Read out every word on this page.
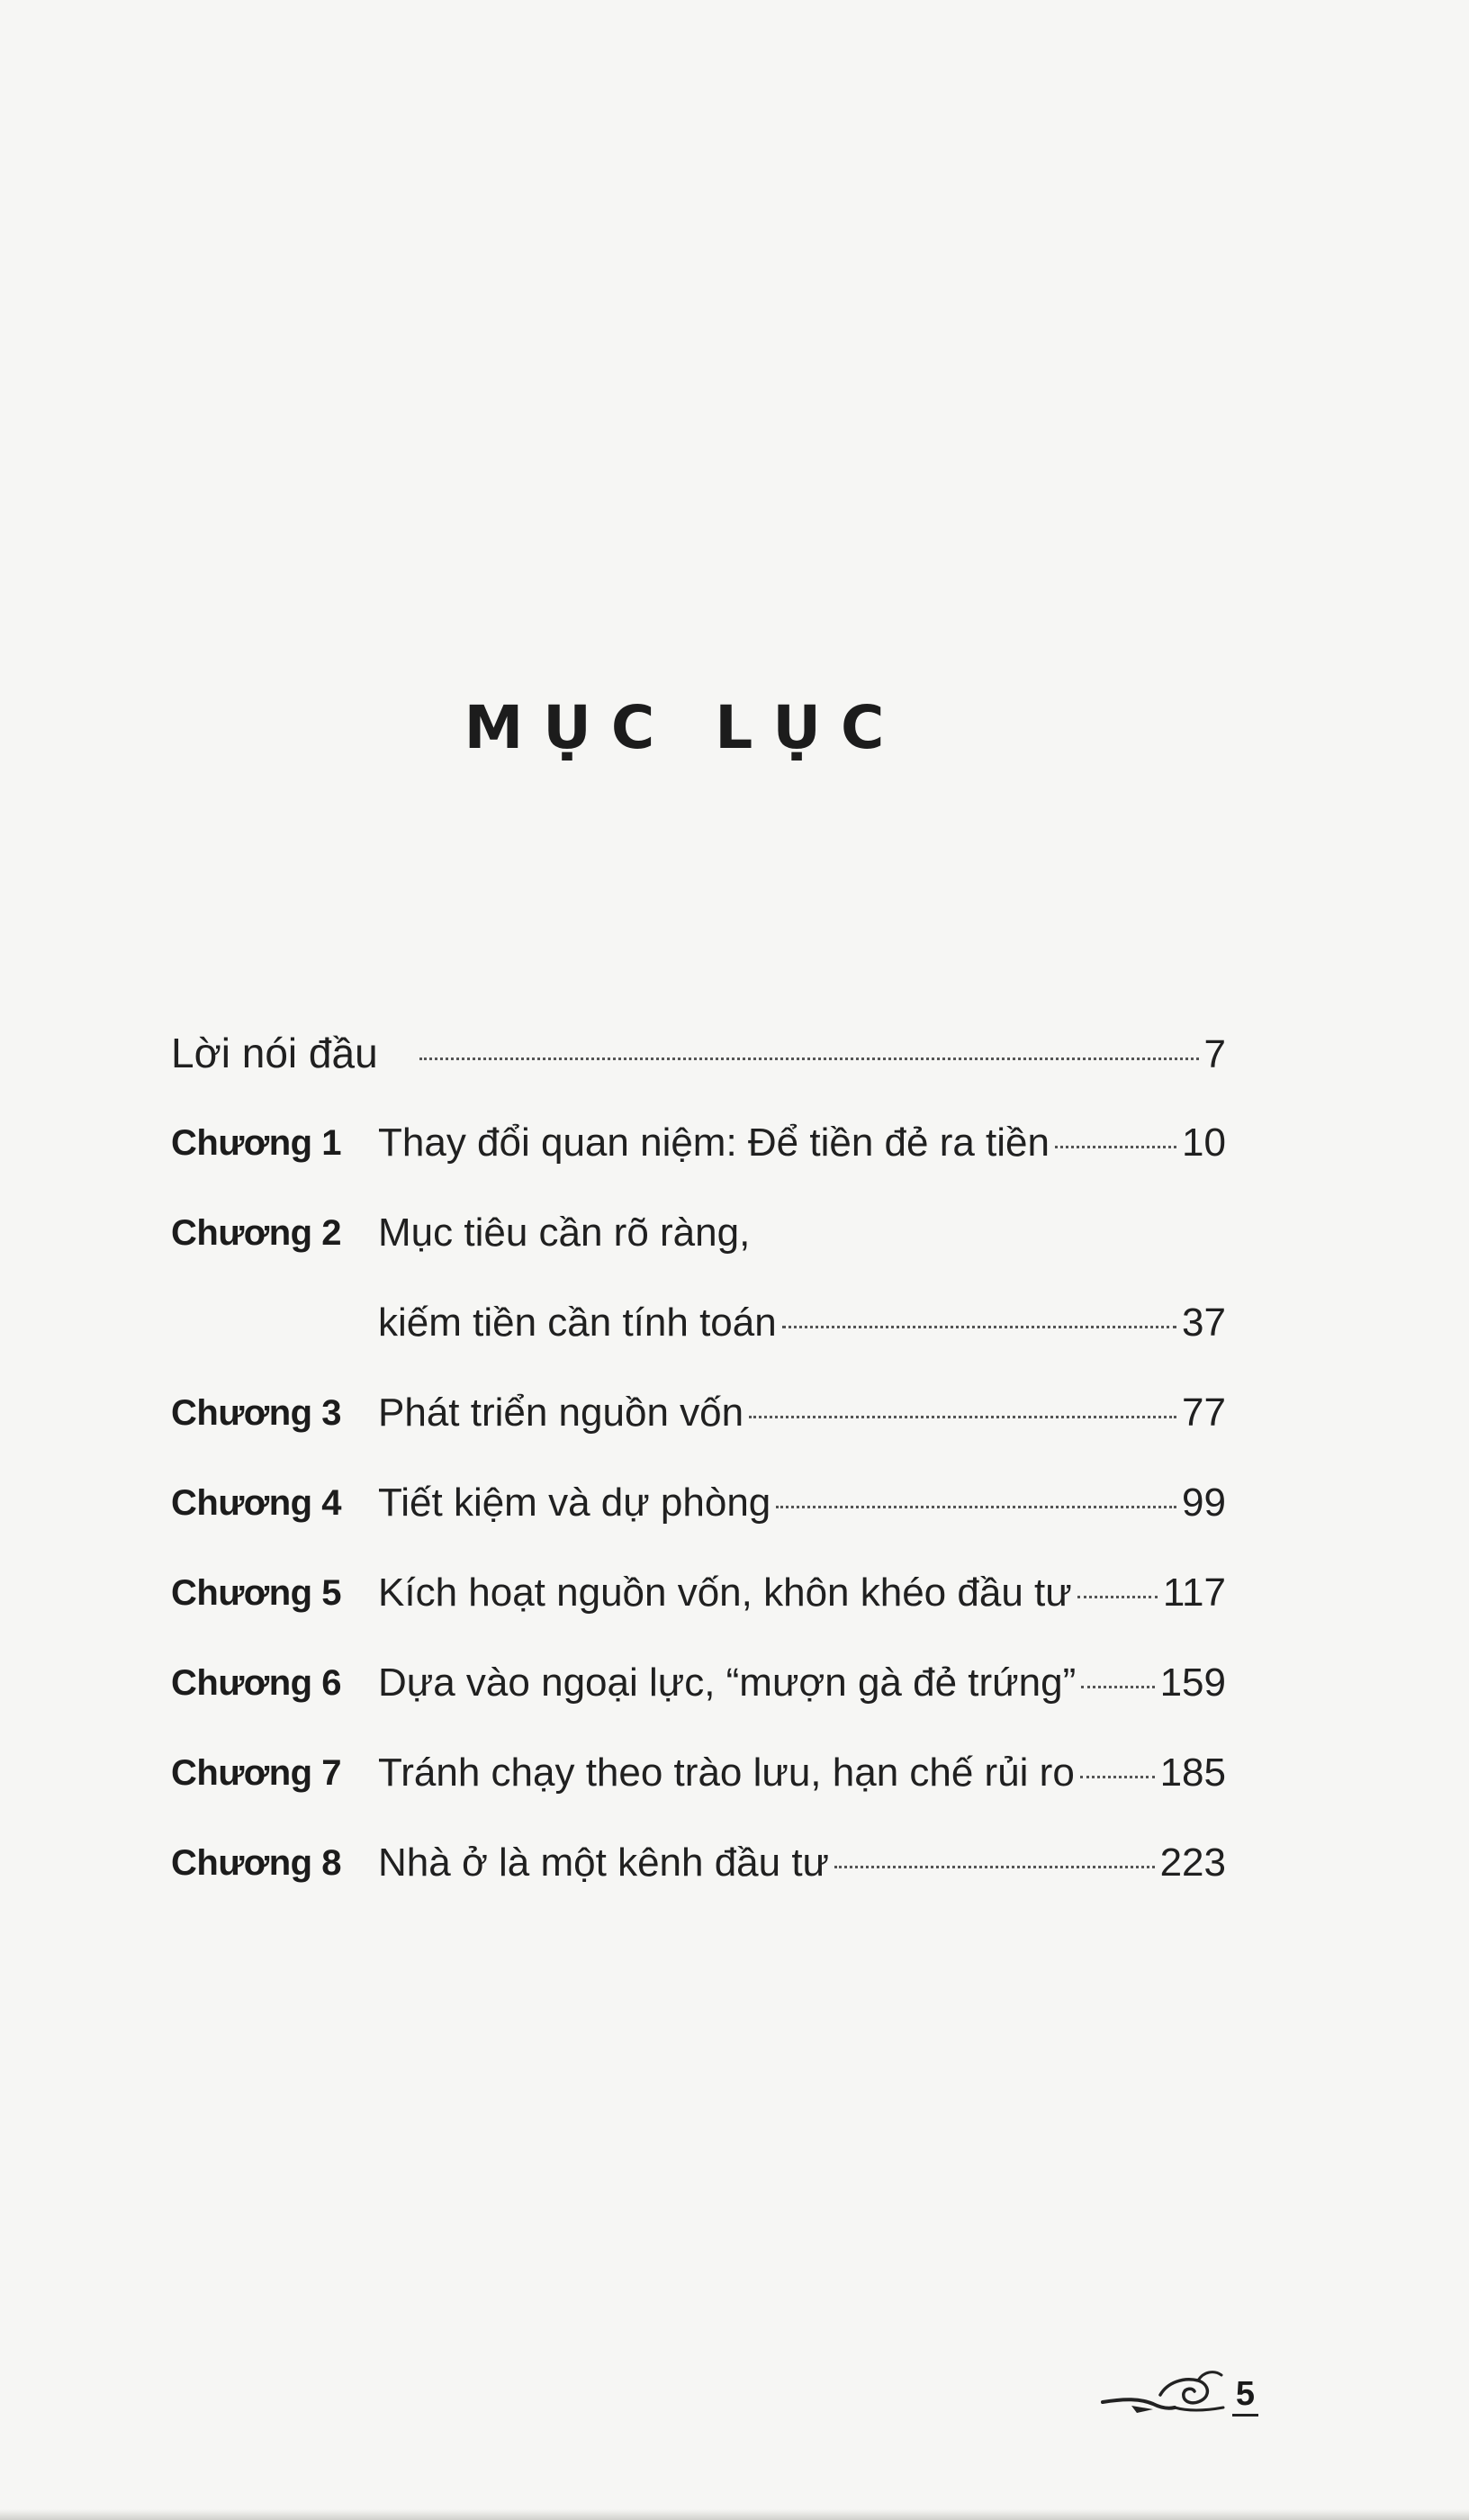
MỤC LỤC
Lời nói đầu	7
Chương 1 Thay đổi quan niệm: Để tiền đẻ ra tiền	10
Chương 2 Mục tiêu cần rõ ràng,
kiếm tiền cần tính toán	37
Chương 3 Phát triển nguồn vốn	77
Chương 4 Tiết kiệm và dự phòng	99
Chương 5 Kích hoạt nguồn vốn, khôn khéo đầu tư 117
Chương 6 Dựa vào ngoại lực, “mượn gà đẻ trứng” 159
Chương 7 Tránh chạy theo trào lưu, hạn chế rủi ro 185
Chương 8 Nhà ở là một kênh đầu tư	223
5
